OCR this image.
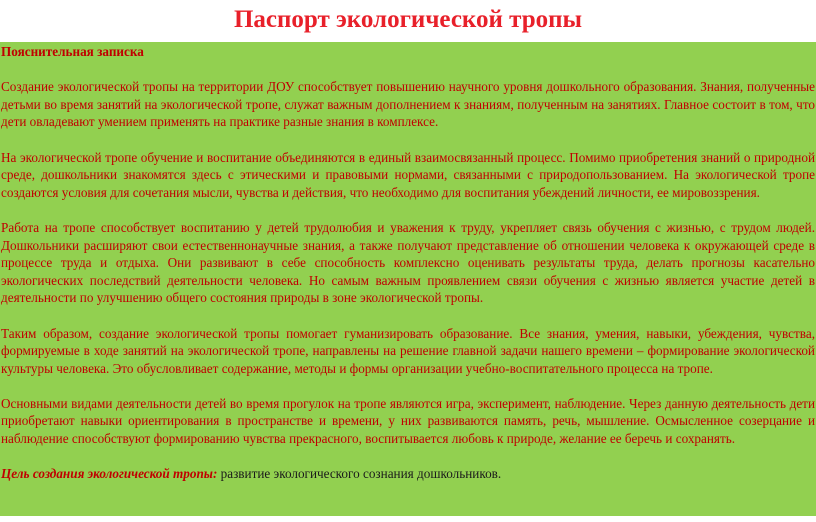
Паспорт экологической тропы
Пояснительная записка

Создание экологической тропы на территории ДОУ способствует повышению научного уровня дошкольного образования. Знания, полученные детьми во время занятий на экологической тропе, служат важным дополнением к знаниям, полученным на занятиях. Главное состоит в том, что дети овладевают умением применять на практике разные знания в комплексе.

На экологической тропе обучение и воспитание объединяются в единый взаимосвязанный процесс. Помимо приобретения знаний о природной среде, дошкольники знакомятся здесь с этическими и правовыми нормами, связанными с природопользованием. На экологической тропе создаются условия для сочетания мысли, чувства и действия, что необходимо для воспитания убеждений личности, ее мировоззрения.

Работа на тропе способствует воспитанию у детей трудолюбия и уважения к труду, укрепляет связь обучения с жизнью, с трудом людей. Дошкольники расширяют свои естественнонаучные знания, а также получают представление об отношении человека к окружающей среде в процессе труда и отдыха. Они развивают в себе способность комплексно оценивать результаты труда, делать прогнозы касательно экологических последствий деятельности человека. Но самым важным проявлением связи обучения с жизнью является участие детей в деятельности по улучшению общего состояния природы в зоне экологической тропы.

Таким образом, создание экологической тропы помогает гуманизировать образование. Все знания, умения, навыки, убеждения, чувства, формируемые в ходе занятий на экологической тропе, направлены на решение главной задачи нашего времени – формирование экологической культуры человека. Это обусловливает содержание, методы и формы организации учебно-воспитательного процесса на тропе.

Основными видами деятельности детей во время прогулок на тропе являются игра, эксперимент, наблюдение. Через данную деятельность дети приобретают навыки ориентирования в пространстве и времени, у них развиваются память, речь, мышление. Осмысленное созерцание и наблюдение способствуют формированию чувства прекрасного, воспитывается любовь к природе, желание ее беречь и сохранять.

Цель создания экологической тропы: развитие экологического сознания дошкольников.
